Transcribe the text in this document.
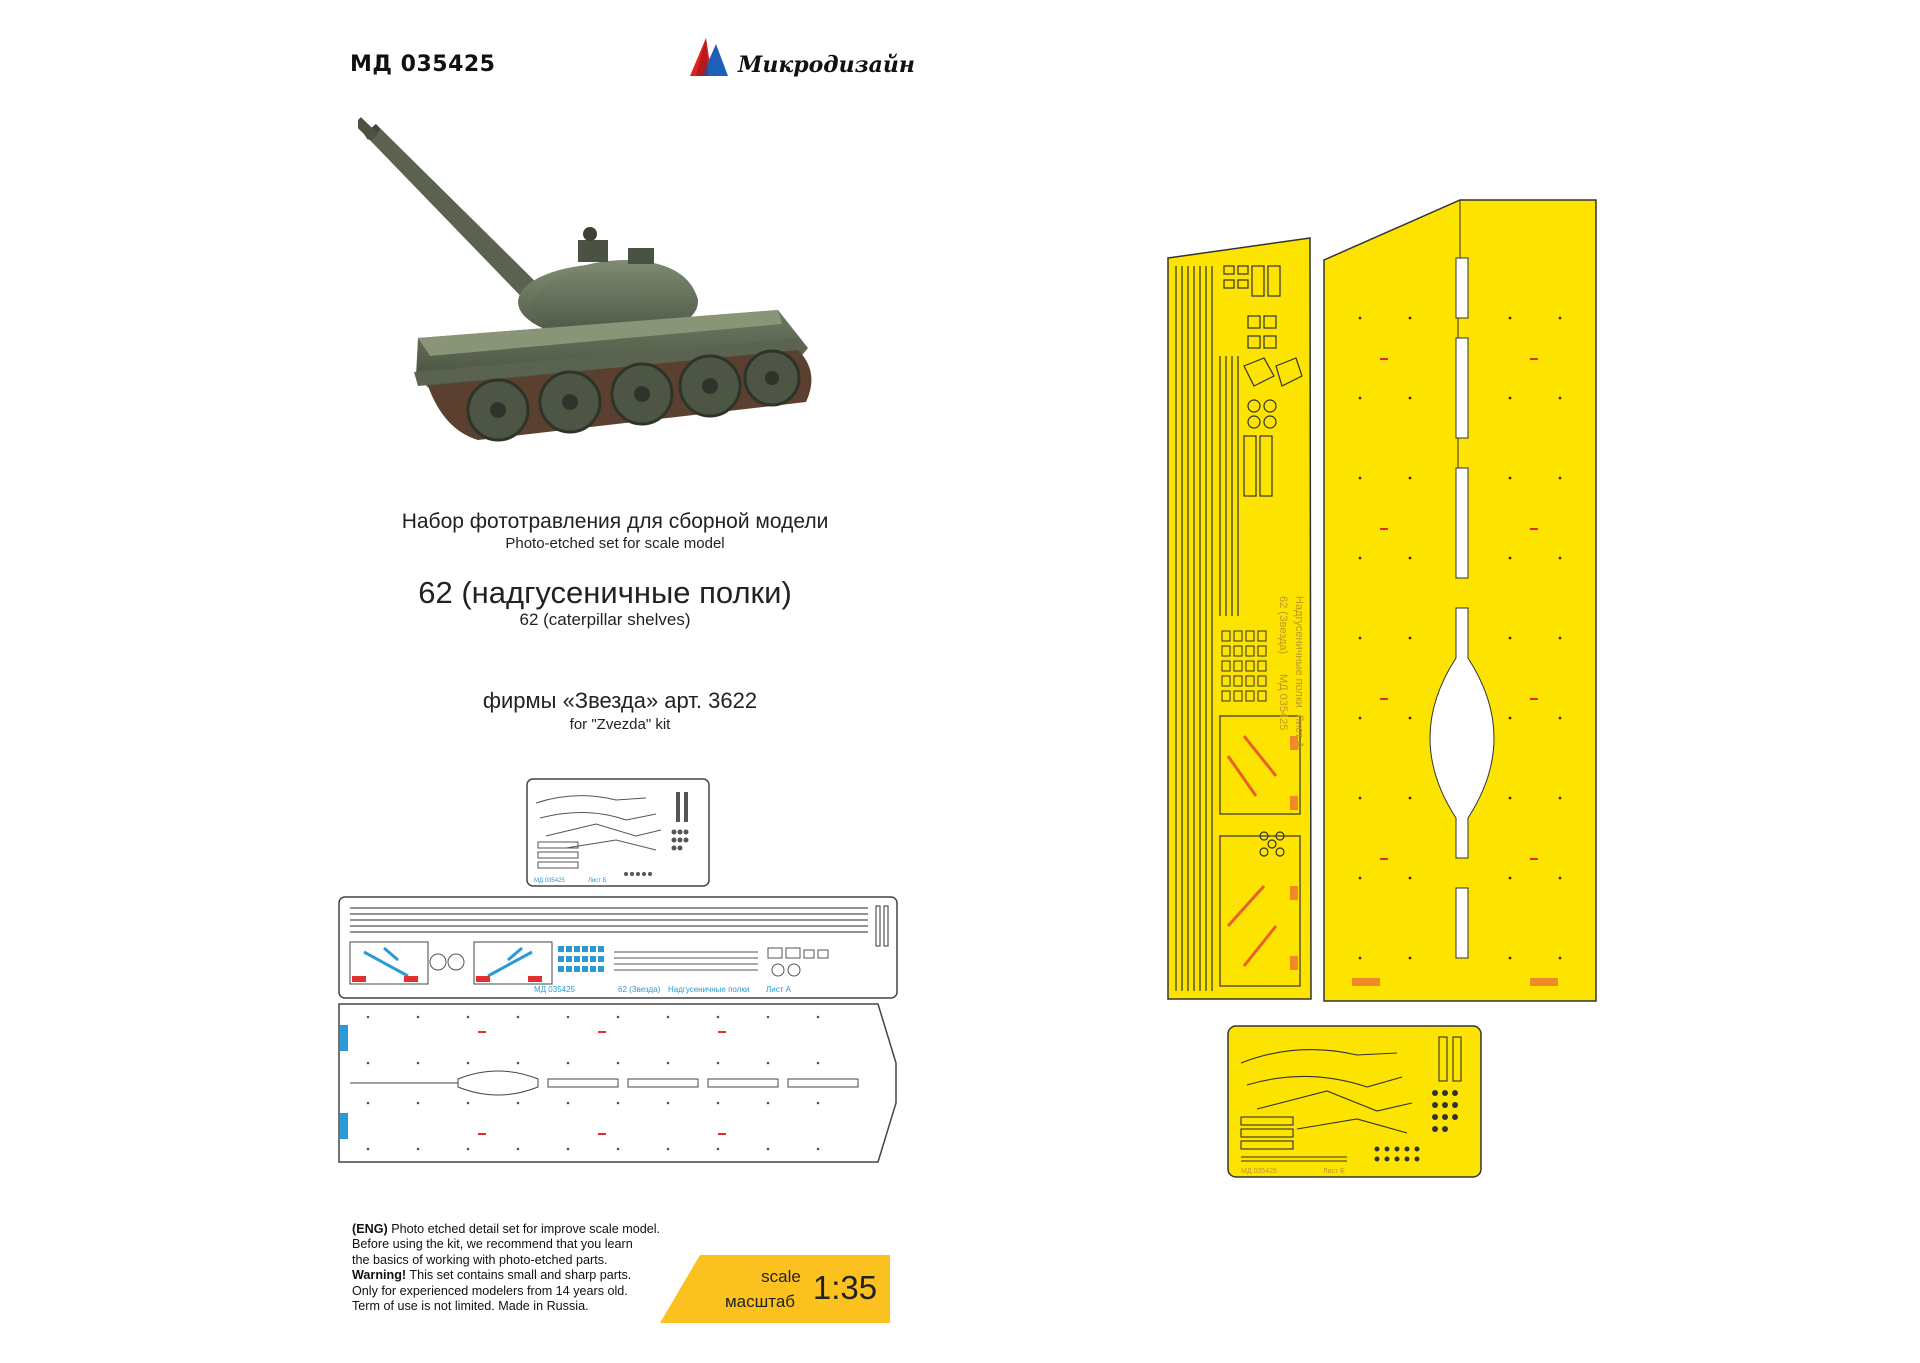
МД 035425	Микродизайн
Набор фототравления для сборной модели
Photo-etched set for scale model
62 (надгусеничные полки)
62 (caterpillar shelves)
фирмы «Звезда» арт. 3622
for "Zvezda" kit
МД 035425	Лист Б
МД 035425	62 (Звезда) Надгусеничные полки Лист А
Надгусеничные полки
Лист А
62 (Звезда)
МД 035425
МД 035425	Лист Б
(ENG) Photo etched detail set for improve scale model.
Before using the kit, we recommend that you learn
the basics of working with photo-etched parts.
Warning! This set contains small and sharp parts.
Only for experienced modelers from 14 years old.
Term of use is not limited. Made in Russia.
scale
масштаб 1:35
